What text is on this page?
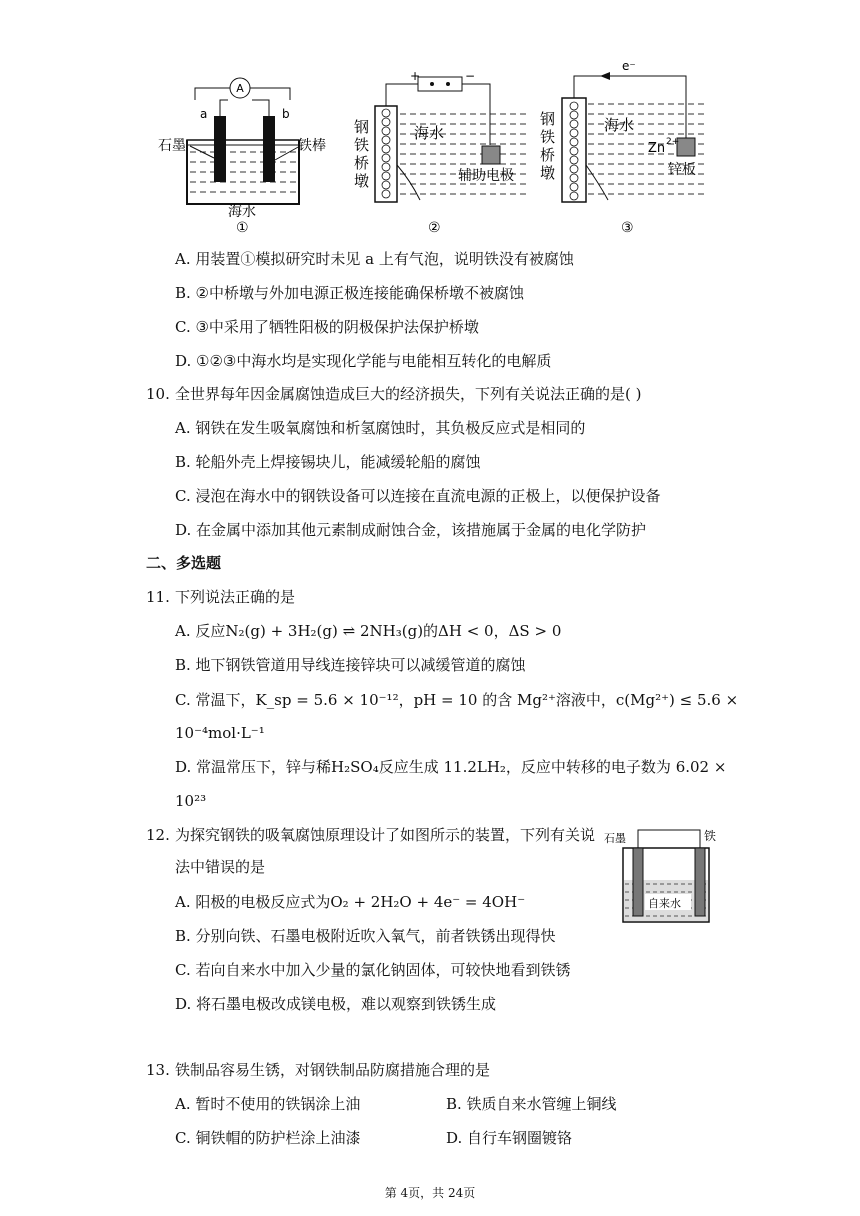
A
a	b
石墨	铁棒
海水
①
+	−
钢
铁
桥
墩
海水
辅助电极
②
e⁻
钢
铁
桥
墩
海水
Zn 2+
锌板
③
A. 用装置①模拟研究时未见 a 上有气泡，说明铁没有被腐蚀
B. ②中桥墩与外加电源正极连接能确保桥墩不被腐蚀
C. ③中采用了牺牲阳极的阴极保护法保护桥墩
D. ①②③中海水均是实现化学能与电能相互转化的电解质
10. 全世界每年因金属腐蚀造成巨大的经济损失，下列有关说法正确的是( )
A. 钢铁在发生吸氧腐蚀和析氢腐蚀时，其负极反应式是相同的
B. 轮船外壳上焊接锡块儿，能减缓轮船的腐蚀
C. 浸泡在海水中的钢铁设备可以连接在直流电源的正极上，以便保护设备
D. 在金属中添加其他元素制成耐蚀合金，该措施属于金属的电化学防护
二、多选题
11. 下列说法正确的是
A. 反应N₂(g) + 3H₂(g) ⇌ 2NH₃(g)的ΔH < 0，ΔS > 0
B. 地下钢铁管道用导线连接锌块可以减缓管道的腐蚀
C. 常温下，K_sp = 5.6 × 10⁻¹²，pH = 10 的含 Mg²⁺溶液中，c(Mg²⁺) ≤ 5.6 ×
10⁻⁴mol·L⁻¹
D. 常温常压下，锌与稀H₂SO₄反应生成 11.2LH₂，反应中转移的电子数为 6.02 ×
10²³
12. 为探究钢铁的吸氧腐蚀原理设计了如图所示的装置，下列有关说
法中错误的是
A. 阳极的电极反应式为O₂ + 2H₂O + 4e⁻ = 4OH⁻
B. 分别向铁、石墨电极附近吹入氧气，前者铁锈出现得快
C. 若向自来水中加入少量的氯化钠固体，可较快地看到铁锈
D. 将石墨电极改成镁电极，难以观察到铁锈生成
石墨	铁
自来水
13. 铁制品容易生锈，对钢铁制品防腐措施合理的是
A. 暂时不使用的铁锅涂上油	B. 铁质自来水管缠上铜线
C. 铜铁帽的防护栏涂上油漆	D. 自行车钢圈镀铬
第 4页，共 24页
